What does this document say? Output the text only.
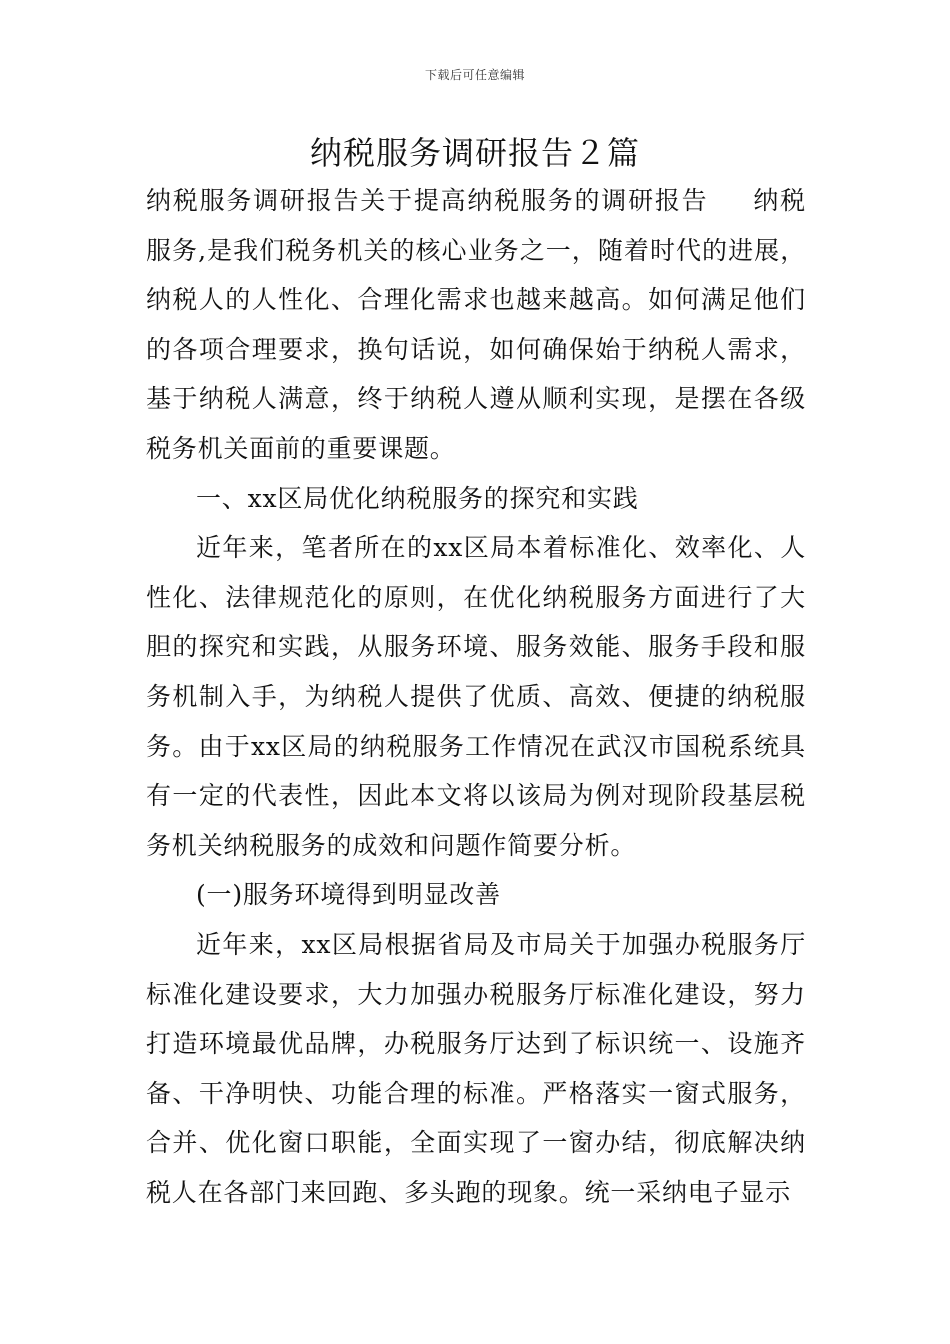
下载后可任意编辑
纳税服务调研报告２篇

纳税服务调研报告关于提高纳税服务的调研报告 纳税服务,是我们税务机关的核心业务之一，随着时代的进展，纳税人的人性化、合理化需求也越来越高。如何满足他们的各项合理要求，换句话说，如何确保始于纳税人需求，基于纳税人满意，终于纳税人遵从顺利实现，是摆在各级税务机关面前的重要课题。

一、xx区局优化纳税服务的探究和实践

近年来，笔者所在的xx区局本着标准化、效率化、人性化、法律规范化的原则，在优化纳税服务方面进行了大胆的探究和实践，从服务环境、服务效能、服务手段和服务机制入手，为纳税人提供了优质、高效、便捷的纳税服务。由于xx区局的纳税服务工作情况在武汉市国税系统具有一定的代表性，因此本文将以该局为例对现阶段基层税务机关纳税服务的成效和问题作简要分析。

(一)服务环境得到明显改善

近年来，xx区局根据省局及市局关于加强办税服务厅标准化建设要求，大力加强办税服务厅标准化建设，努力打造环境最优品牌，办税服务厅达到了标识统一、设施齐备、干净明快、功能合理的标准。严格落实一窗式服务，合并、优化窗口职能，全面实现了一窗办结，彻底解决纳税人在各部门来回跑、多头跑的现象。统一采纳电子显示
